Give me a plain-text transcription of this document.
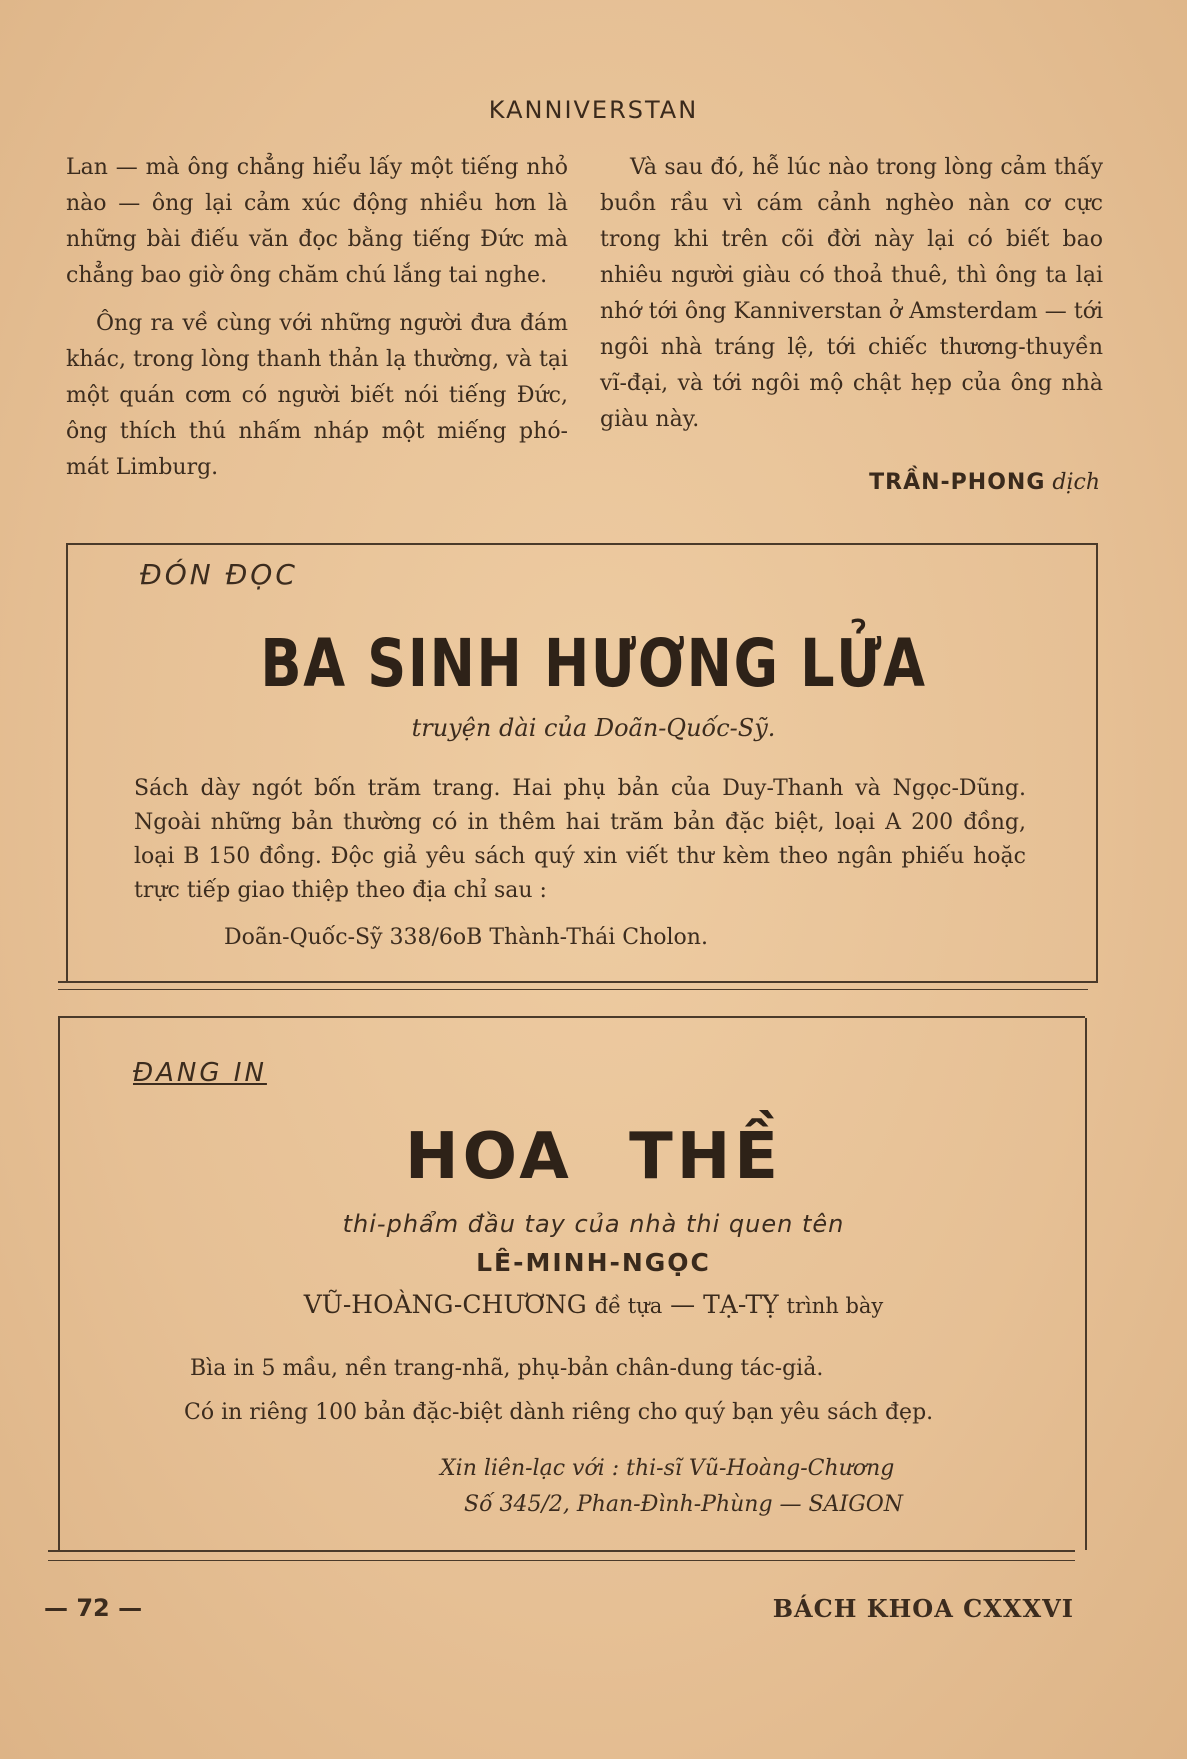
KANNIVERSTAN

Lan — mà ông chẳng hiểu lấy một tiếng nhỏ nào — ông lại cảm xúc động nhiều hơn là những bài điếu văn đọc bằng tiếng Đức mà chẳng bao giờ ông chăm chú lắng tai nghe.

Ông ra về cùng với những người đưa đám khác, trong lòng thanh thản lạ thường, và tại một quán cơm có người biết nói tiếng Đức, ông thích thú nhấm nháp một miếng phó-mát Limburg.

Và sau đó, hễ lúc nào trong lòng cảm thấy buồn rầu vì cám cảnh nghèo nàn cơ cực trong khi trên cõi đời này lại có biết bao nhiêu người giàu có thoả thuê, thì ông ta lại nhớ tới ông Kanniverstan ở Amsterdam — tới ngôi nhà tráng lệ, tới chiếc thương-thuyền vĩ-đại, và tới ngôi mộ chật hẹp của ông nhà giàu này.

TRẦN-PHONG dịch
ĐÓN ĐỌC
BA SINH HƯƠNG LỬA
truyện dài của Doãn-Quốc-Sỹ.
Sách dày ngót bốn trăm trang. Hai phụ bản của Duy-Thanh và Ngọc-Dũng. Ngoài những bản thường có in thêm hai trăm bản đặc biệt, loại A 200 đồng, loại B 150 đồng. Độc giả yêu sách quý xin viết thư kèm theo ngân phiếu hoặc trực tiếp giao thiệp theo địa chỉ sau :
Doãn-Quốc-Sỹ 338/6oB Thành-Thái Cholon.
ĐANG IN
HOA THỀ
thi-phẩm đầu tay của nhà thi quen tên
LÊ-MINH-NGỌC
VŨ-HOÀNG-CHƯƠNG đề tựa — TẠ-TỴ trình bày
Bìa in 5 mầu, nền trang-nhã, phụ-bản chân-dung tác-giả.
Có in riêng 100 bản đặc-biệt dành riêng cho quý bạn yêu sách đẹp.
Xin liên-lạc với : thi-sĩ Vũ-Hoàng-Chương
Số 345/2, Phan-Đình-Phùng — SAIGON
— 72 —	BÁCH KHOA CXXXVI
